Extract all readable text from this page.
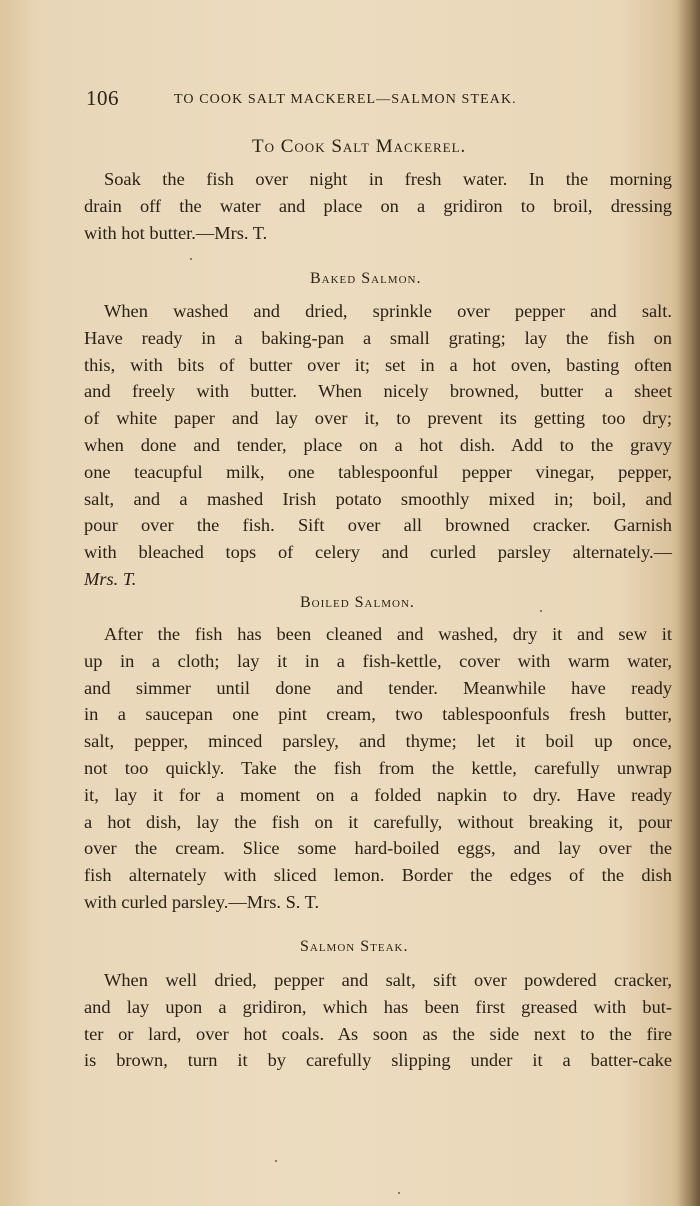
106	TO COOK SALT MACKEREL—SALMON STEAK.
To Cook Salt Mackerel.
Soak the fish over night in fresh water. In the morning
drain off the water and place on a gridiron to broil, dressing
with hot butter.—Mrs. T.
Baked Salmon.
When washed and dried, sprinkle over pepper and salt.
Have ready in a baking-pan a small grating; lay the fish on
this, with bits of butter over it; set in a hot oven, basting often
and freely with butter. When nicely browned, butter a sheet
of white paper and lay over it, to prevent its getting too dry;
when done and tender, place on a hot dish. Add to the gravy
one teacupful milk, one tablespoonful pepper vinegar, pepper,
salt, and a mashed Irish potato smoothly mixed in; boil, and
pour over the fish. Sift over all browned cracker. Garnish
with bleached tops of celery and curled parsley alternately.—
Mrs. T.
Boiled Salmon.
After the fish has been cleaned and washed, dry it and sew it
up in a cloth; lay it in a fish-kettle, cover with warm water,
and simmer until done and tender. Meanwhile have ready
in a saucepan one pint cream, two tablespoonfuls fresh butter,
salt, pepper, minced parsley, and thyme; let it boil up once,
not too quickly. Take the fish from the kettle, carefully unwrap
it, lay it for a moment on a folded napkin to dry. Have ready
a hot dish, lay the fish on it carefully, without breaking it, pour
over the cream. Slice some hard-boiled eggs, and lay over the
fish alternately with sliced lemon. Border the edges of the dish
with curled parsley.—Mrs. S. T.
Salmon Steak.
When well dried, pepper and salt, sift over powdered cracker,
and lay upon a gridiron, which has been first greased with but-
ter or lard, over hot coals. As soon as the side next to the fire
is brown, turn it by carefully slipping under it a batter-cake
